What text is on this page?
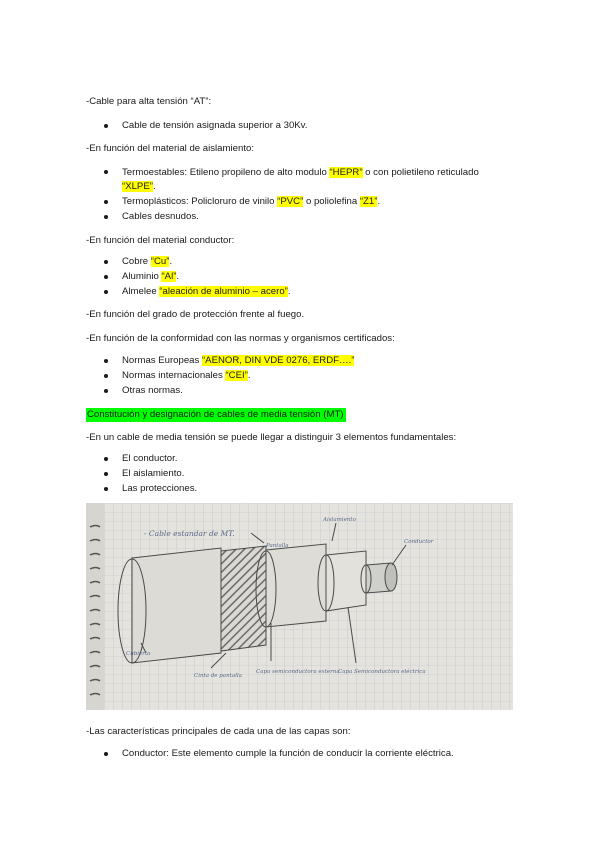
-Cable para alta tensión “AT”:
Cable de tensión asignada superior a 30Kv.
-En función del material de aislamiento:
Termoestables: Etileno propileno de alto modulo “HEPR” o con polietileno reticulado
“XLPE”.
Termoplásticos: Policloruro de vinilo “PVC” o poliolefina “Z1”.
Cables desnudos.
-En función del material conductor:
Cobre “Cu”.
Aluminio “Al”.
Almelee “aleación de aluminio – acero”.
-En función del grado de protección frente al fuego.
-En función de la conformidad con las normas y organismos certificados:
Normas Europeas “AENOR, DIN VDE 0276, ERDF….”
Normas internacionales “CEI”.
Otras normas.
Constitución y designación de cables de media tensión (MT)
-En un cable de media tensión se puede llegar a distinguir 3 elementos fundamentales:
El conductor.
El aislamiento.
Las protecciones.
- Cable estandar de MT.
Pantalla
Aislamiento
Conductor
Cubierta
Cinta de pantalla
Capa semiconductora externa
Capa Semiconductora eléctrica
-Las características principales de cada una de las capas son:
Conductor: Este elemento cumple la función de conducir la corriente eléctrica.
